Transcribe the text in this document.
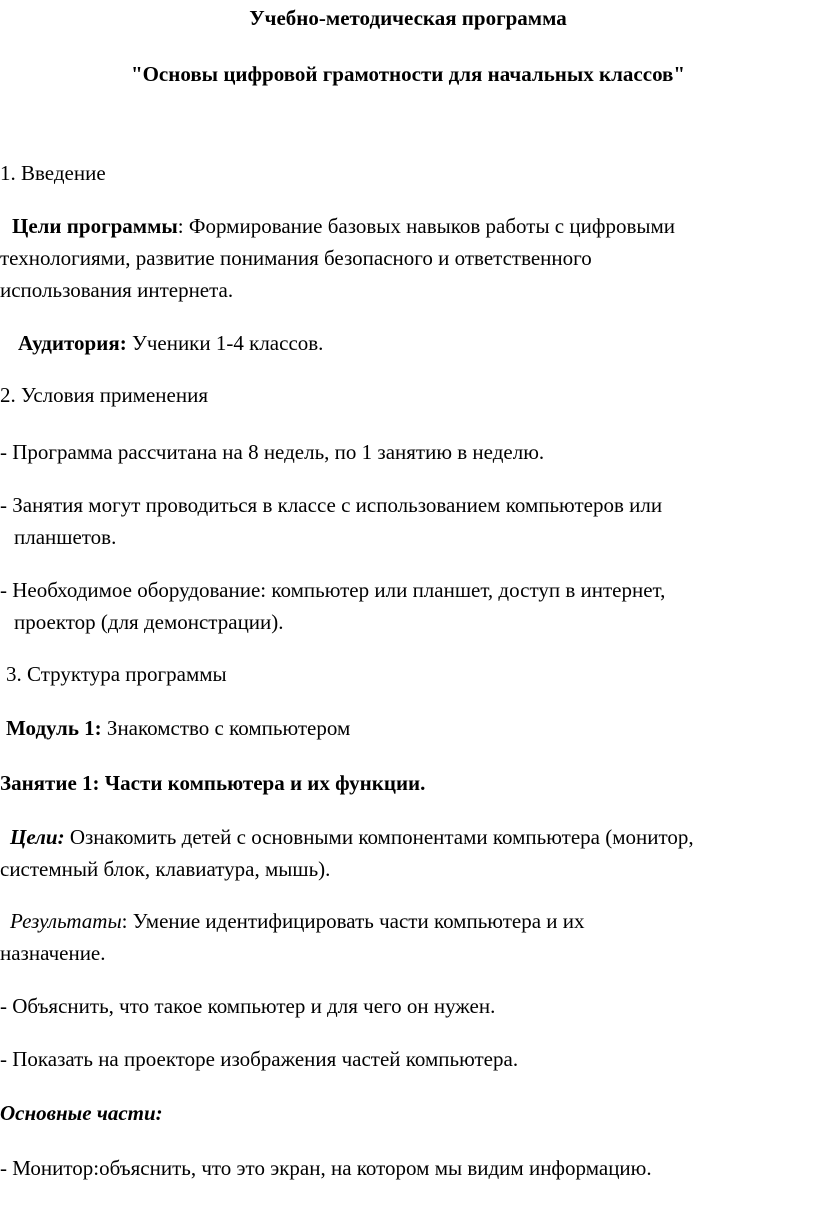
Учебно-методическая программа
"Основы цифровой грамотности для начальных классов"
1. Введение
Цели программы: Формирование базовых навыков работы с цифровыми
технологиями, развитие понимания безопасного и ответственного
использования интернета.
Аудитория: Ученики 1-4 классов.
2. Условия применения
- Программа рассчитана на 8 недель, по 1 занятию в неделю.
- Занятия могут проводиться в классе с использованием компьютеров или
планшетов.
- Необходимое оборудование: компьютер или планшет, доступ в интернет,
проектор (для демонстрации).
3. Структура программы
Модуль 1: Знакомство с компьютером
Занятие 1: Части компьютера и их функции.
Цели: Ознакомить детей с основными компонентами компьютера (монитор,
системный блок, клавиатура, мышь).
Результаты: Умение идентифицировать части компьютера и их
назначение.
- Объяснить, что такое компьютер и для чего он нужен.
- Показать на проекторе изображения частей компьютера.
Основные части:
- Монитор:объяснить, что это экран, на котором мы видим информацию.
